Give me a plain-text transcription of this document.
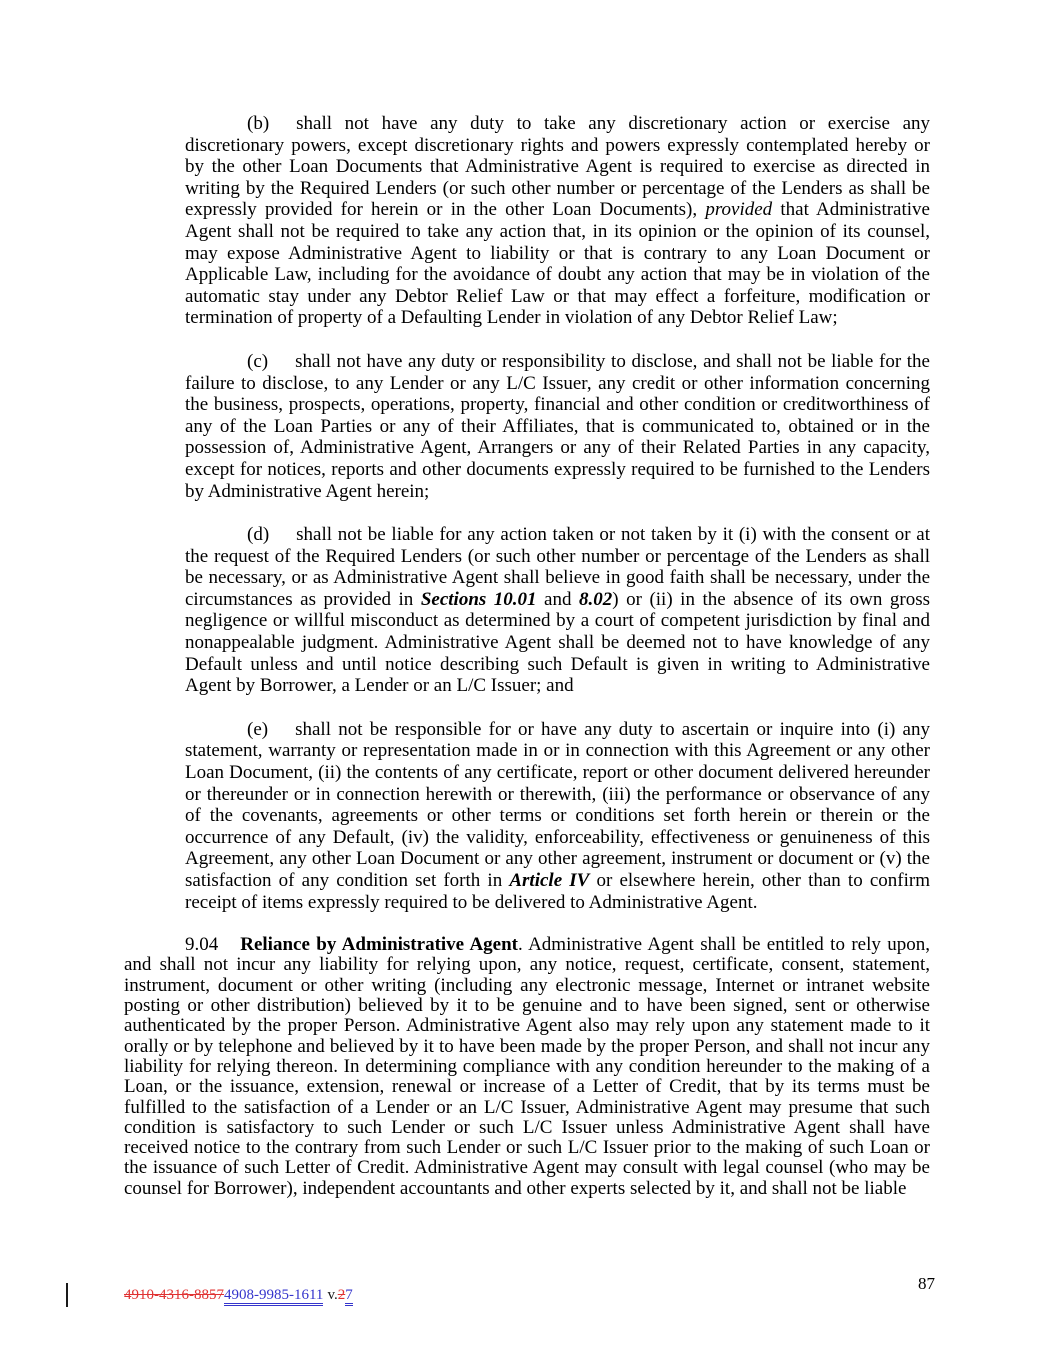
(b) shall not have any duty to take any discretionary action or exercise any discretionary powers, except discretionary rights and powers expressly contemplated hereby or by the other Loan Documents that Administrative Agent is required to exercise as directed in writing by the Required Lenders (or such other number or percentage of the Lenders as shall be expressly provided for herein or in the other Loan Documents), provided that Administrative Agent shall not be required to take any action that, in its opinion or the opinion of its counsel, may expose Administrative Agent to liability or that is contrary to any Loan Document or Applicable Law, including for the avoidance of doubt any action that may be in violation of the automatic stay under any Debtor Relief Law or that may effect a forfeiture, modification or termination of property of a Defaulting Lender in violation of any Debtor Relief Law;

(c) shall not have any duty or responsibility to disclose, and shall not be liable for the failure to disclose, to any Lender or any L/C Issuer, any credit or other information concerning the business, prospects, operations, property, financial and other condition or creditworthiness of any of the Loan Parties or any of their Affiliates, that is communicated to, obtained or in the possession of, Administrative Agent, Arrangers or any of their Related Parties in any capacity, except for notices, reports and other documents expressly required to be furnished to the Lenders by Administrative Agent herein;

(d) shall not be liable for any action taken or not taken by it (i) with the consent or at the request of the Required Lenders (or such other number or percentage of the Lenders as shall be necessary, or as Administrative Agent shall believe in good faith shall be necessary, under the circumstances as provided in Sections 10.01 and 8.02) or (ii) in the absence of its own gross negligence or willful misconduct as determined by a court of competent jurisdiction by final and nonappealable judgment. Administrative Agent shall be deemed not to have knowledge of any Default unless and until notice describing such Default is given in writing to Administrative Agent by Borrower, a Lender or an L/C Issuer; and

(e) shall not be responsible for or have any duty to ascertain or inquire into (i) any statement, warranty or representation made in or in connection with this Agreement or any other Loan Document, (ii) the contents of any certificate, report or other document delivered hereunder or thereunder or in connection herewith or therewith, (iii) the performance or observance of any of the covenants, agreements or other terms or conditions set forth herein or therein or the occurrence of any Default, (iv) the validity, enforceability, effectiveness or genuineness of this Agreement, any other Loan Document or any other agreement, instrument or document or (v) the satisfaction of any condition set forth in Article IV or elsewhere herein, other than to confirm receipt of items expressly required to be delivered to Administrative Agent.

9.04 Reliance by Administrative Agent. Administrative Agent shall be entitled to rely upon, and shall not incur any liability for relying upon, any notice, request, certificate, consent, statement, instrument, document or other writing (including any electronic message, Internet or intranet website posting or other distribution) believed by it to be genuine and to have been signed, sent or otherwise authenticated by the proper Person. Administrative Agent also may rely upon any statement made to it orally or by telephone and believed by it to have been made by the proper Person, and shall not incur any liability for relying thereon. In determining compliance with any condition hereunder to the making of a Loan, or the issuance, extension, renewal or increase of a Letter of Credit, that by its terms must be fulfilled to the satisfaction of a Lender or an L/C Issuer, Administrative Agent may presume that such condition is satisfactory to such Lender or such L/C Issuer unless Administrative Agent shall have received notice to the contrary from such Lender or such L/C Issuer prior to the making of such Loan or the issuance of such Letter of Credit. Administrative Agent may consult with legal counsel (who may be counsel for Borrower), independent accountants and other experts selected by it, and shall not be liable

4910-4316-88574908-9985-1611 v.27
87
